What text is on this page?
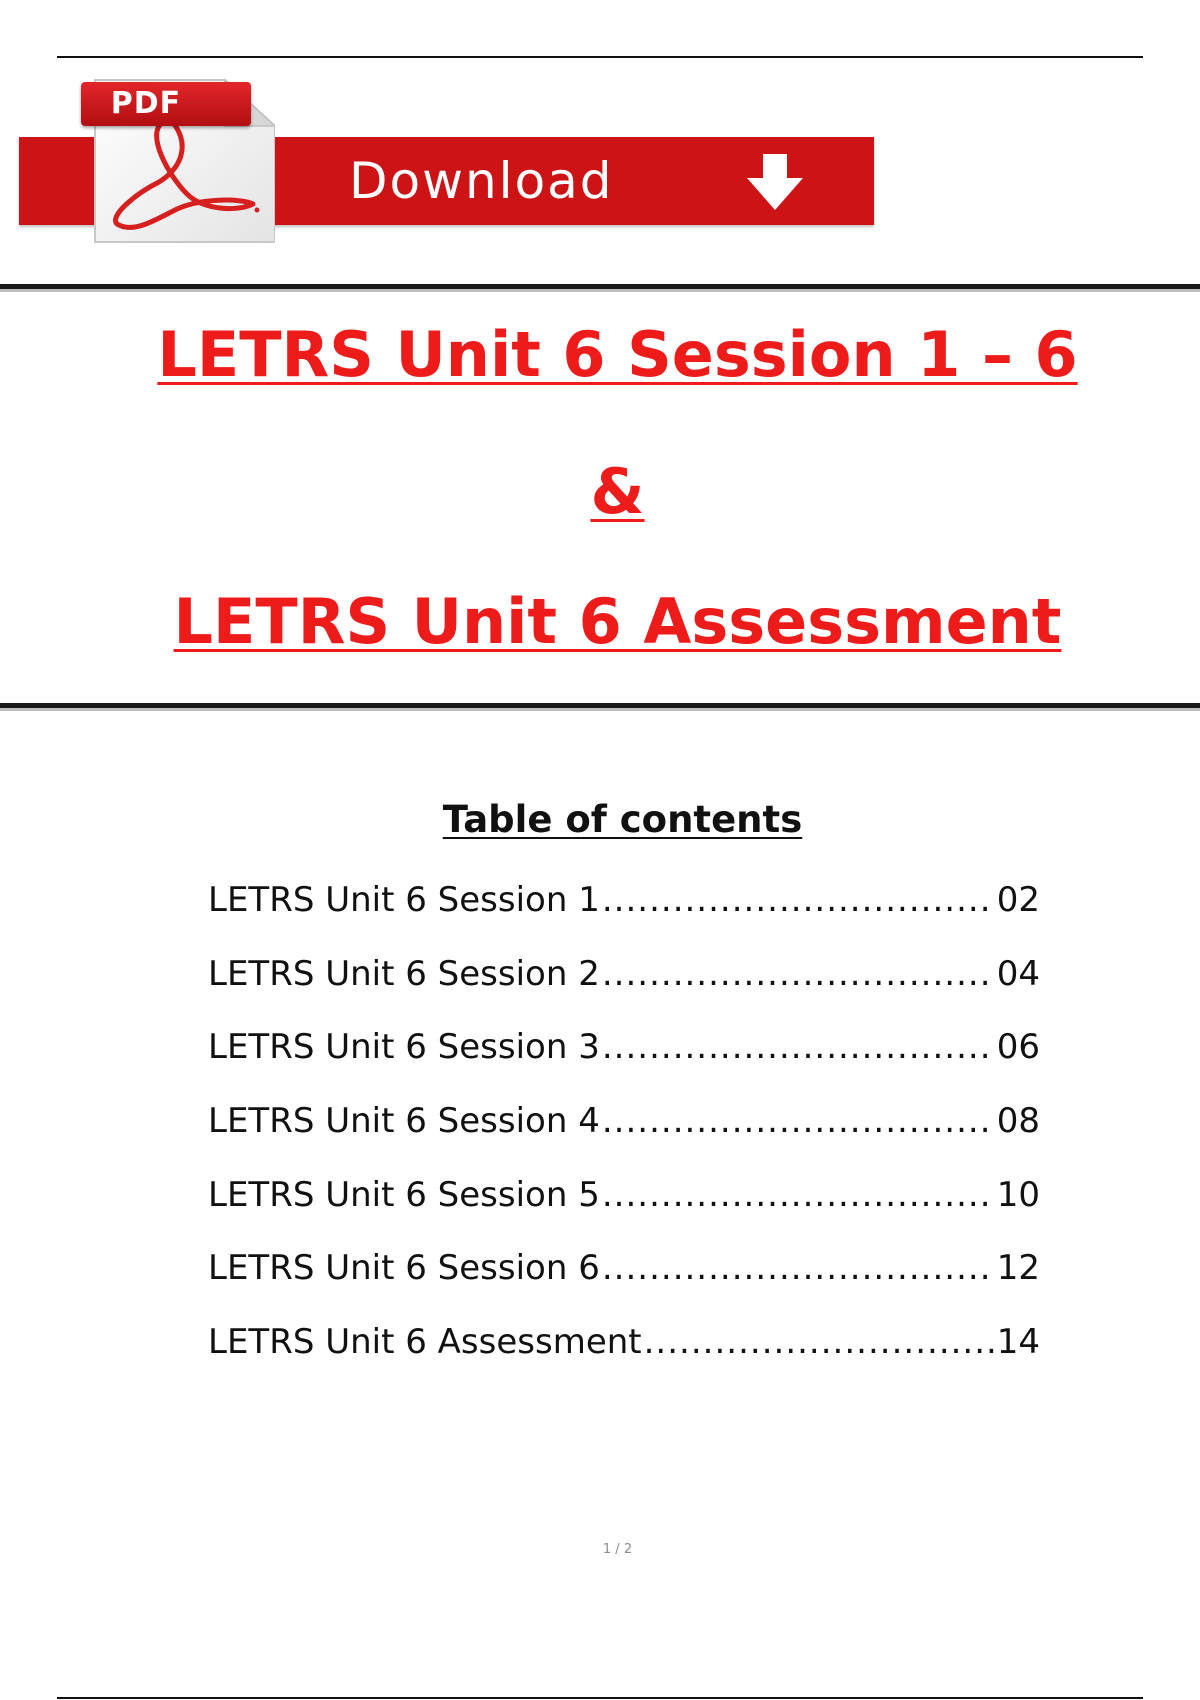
PDF
Download
LETRS Unit 6 Session 1 – 6
&
LETRS Unit 6 Assessment
Table of contents
LETRS Unit 6 Session 1 .....	02
LETRS Unit 6 Session 2 .....	04
LETRS Unit 6 Session 3 .....	06
LETRS Unit 6 Session 4 .....	08
LETRS Unit 6 Session 5 .....	10
LETRS Unit 6 Session 6 .....	12
LETRS Unit 6 Assessment .....	14
1 / 2
